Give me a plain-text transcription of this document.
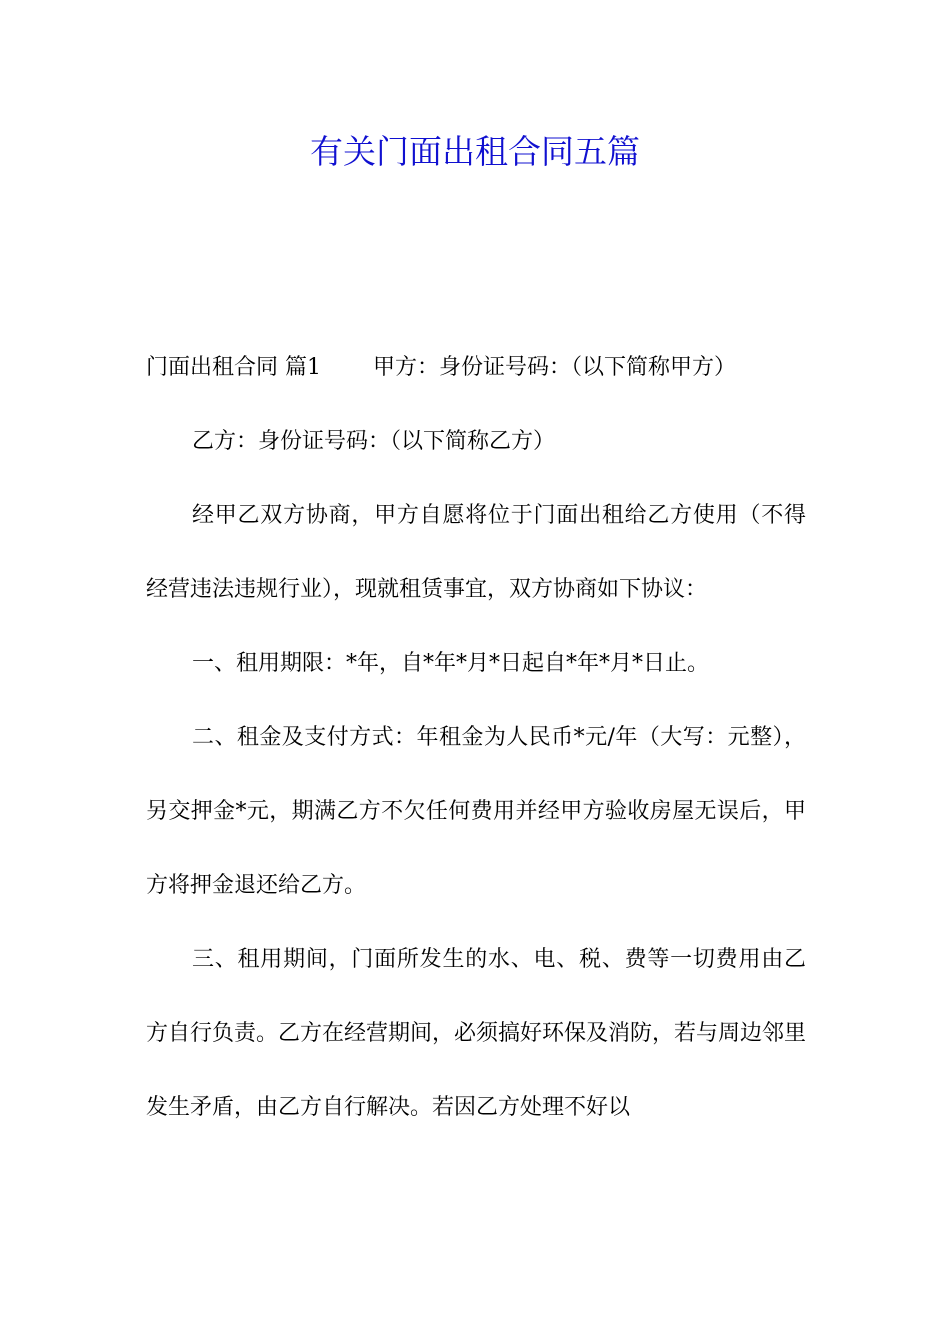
有关门面出租合同五篇

门面出租合同 篇1 甲方：身份证号码：（以下简称甲方）

乙方：身份证号码：（以下简称乙方）

经甲乙双方协商，甲方自愿将位于门面出租给乙方使用（不得经营违法违规行业），现就租赁事宜，双方协商如下协议：

一、租用期限：*年，自*年*月*日起自*年*月*日止。

二、租金及支付方式：年租金为人民币*元/年（大写：元整），另交押金*元，期满乙方不欠任何费用并经甲方验收房屋无误后，甲方将押金退还给乙方。

三、租用期间，门面所发生的水、电、税、费等一切费用由乙方自行负责。乙方在经营期间，必须搞好环保及消防，若与周边邻里发生矛盾，由乙方自行解决。若因乙方处理不好以
